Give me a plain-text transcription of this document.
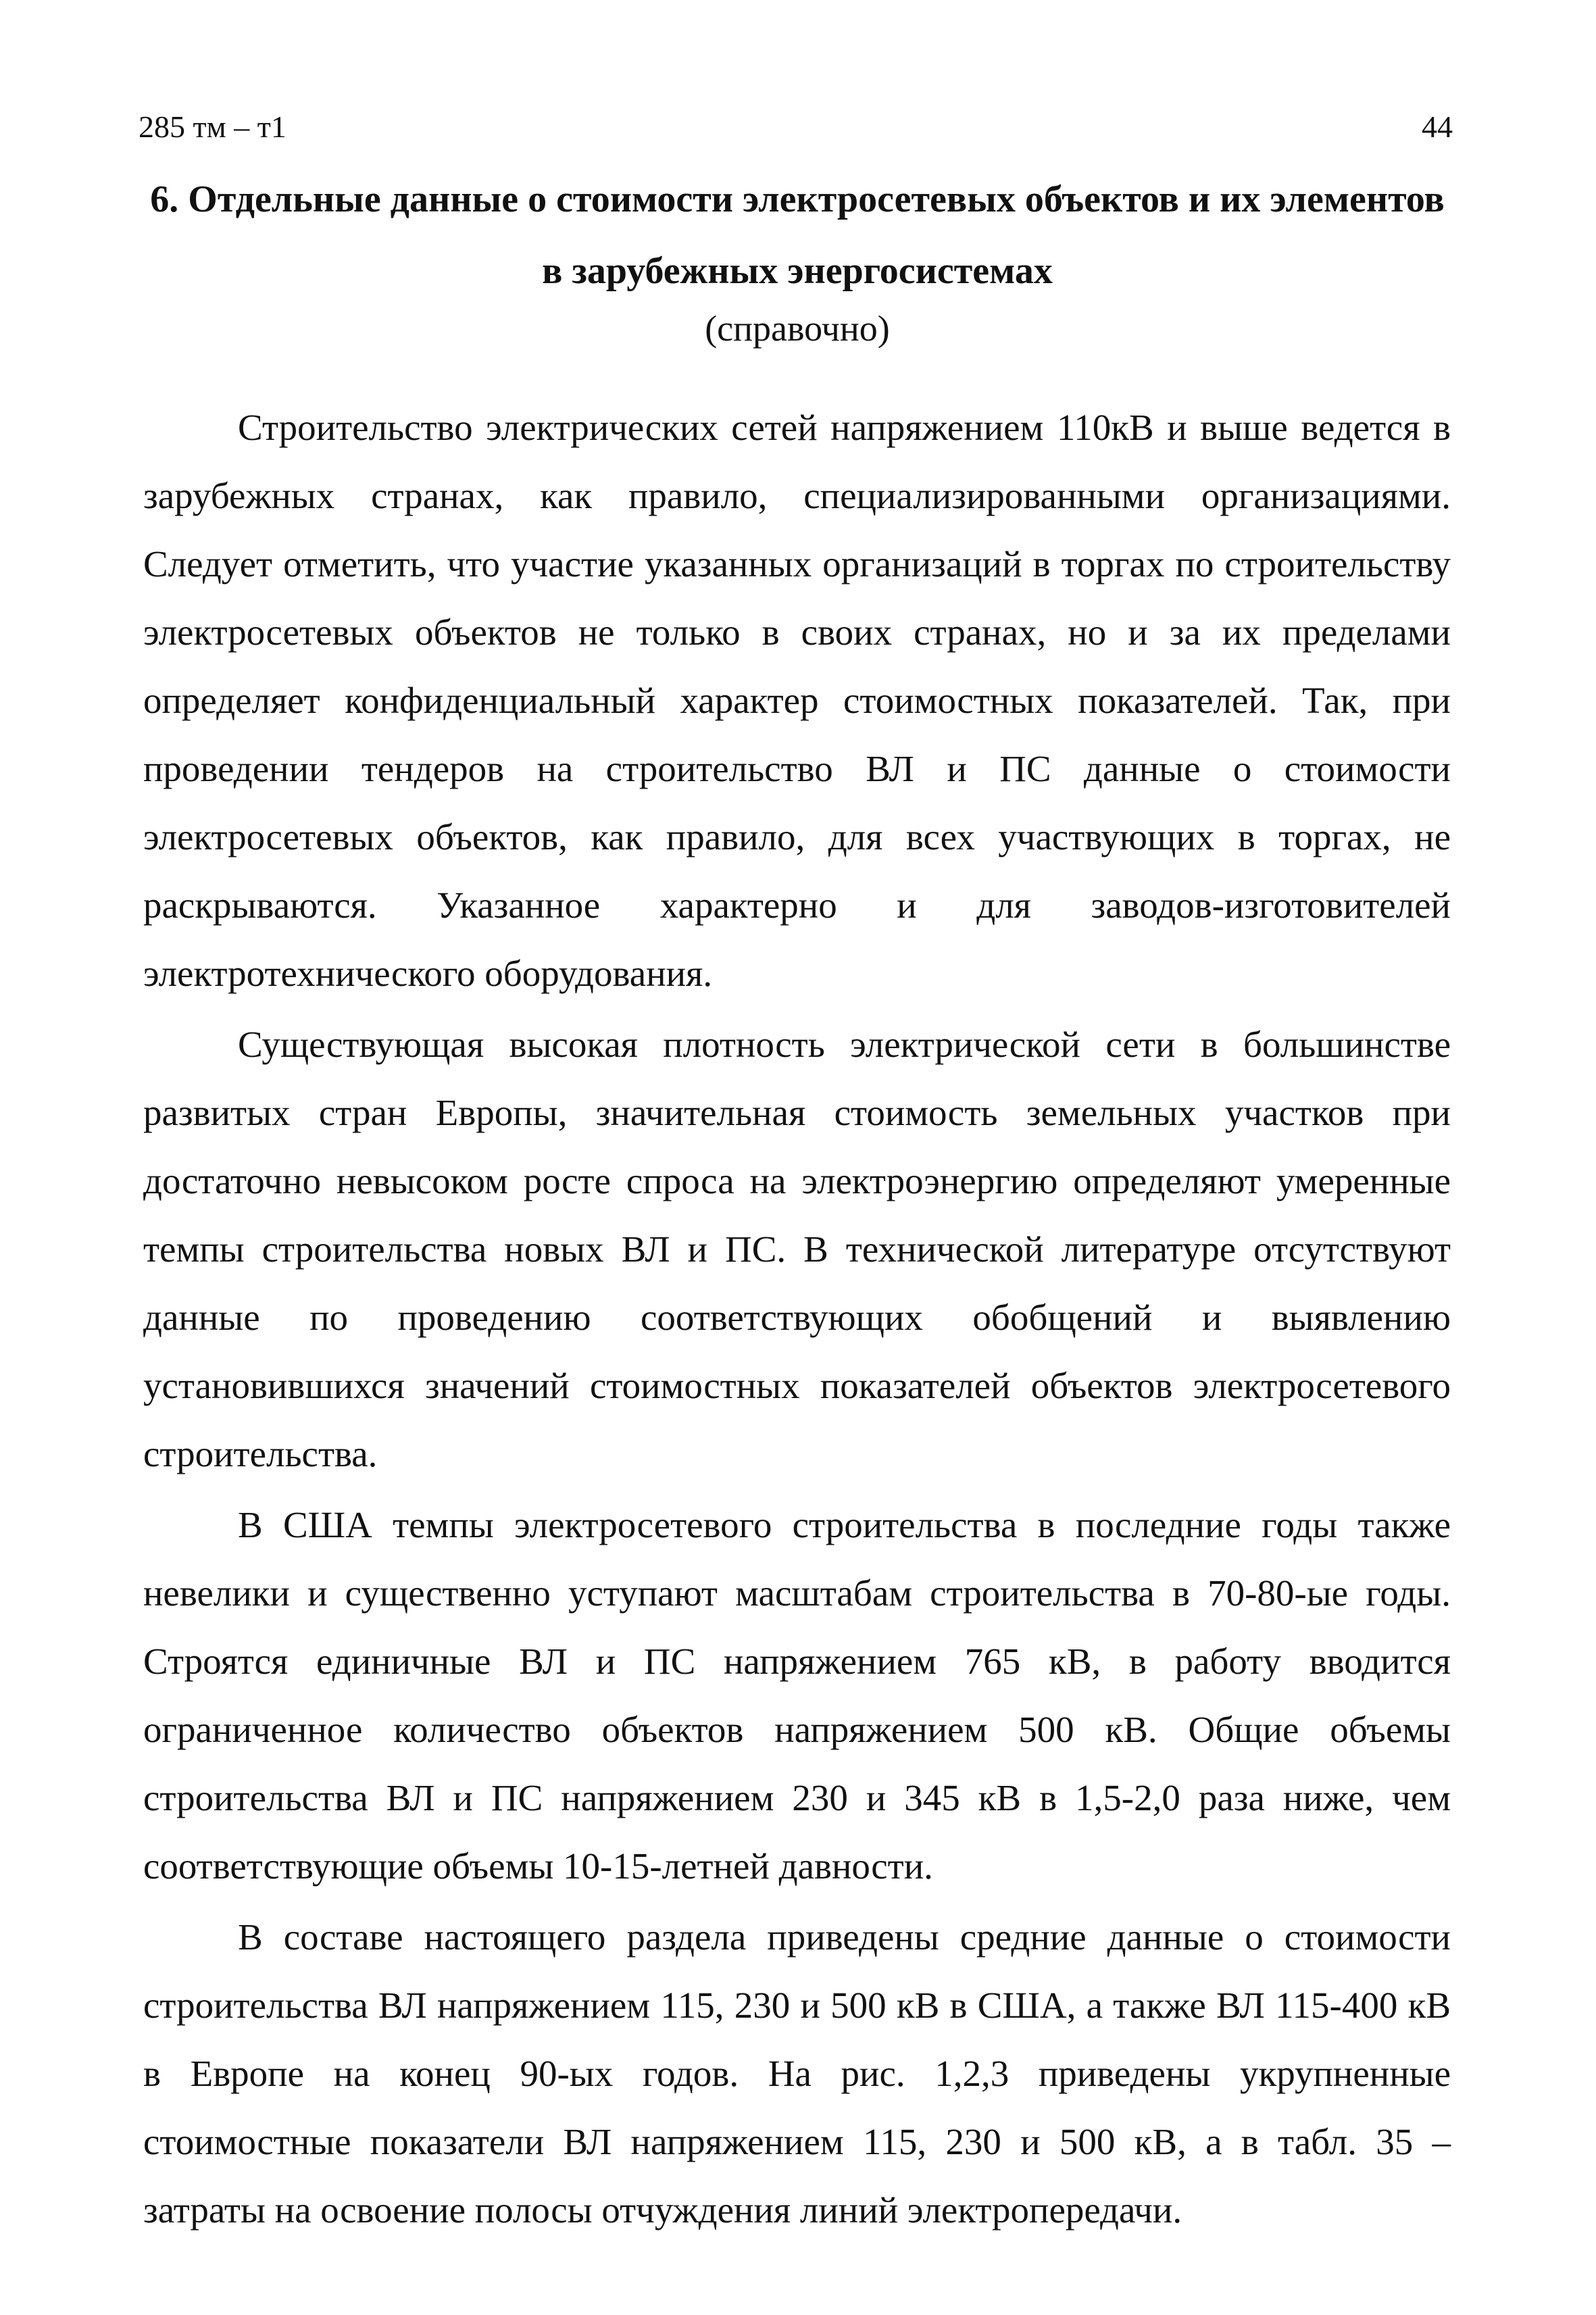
285 тм – т1	44
6. Отдельные данные о стоимости электросетевых объектов и их элементов в зарубежных энергосистемах
(справочно)

Строительство электрических сетей напряжением 110кВ и выше ведется в зарубежных странах, как правило, специализированными организациями. Следует отметить, что участие указанных организаций в торгах по строительству электросетевых объектов не только в своих странах, но и за их пределами определяет конфиденциальный характер стоимостных показателей. Так, при проведении тендеров на строительство ВЛ и ПС данные о стоимости электросетевых объектов, как правило, для всех участвующих в торгах, не раскрываются. Указанное характерно и для заводов-изготовителей электротехнического оборудования.

Существующая высокая плотность электрической сети в большинстве развитых стран Европы, значительная стоимость земельных участков при достаточно невысоком росте спроса на электроэнергию определяют умеренные темпы строительства новых ВЛ и ПС. В технической литературе отсутствуют данные по проведению соответствующих обобщений и выявлению установившихся значений стоимостных показателей объектов электросетевого строительства.

В США темпы электросетевого строительства в последние годы также невелики и существенно уступают масштабам строительства в 70-80-ые годы. Строятся единичные ВЛ и ПС напряжением 765 кВ, в работу вводится ограниченное количество объектов напряжением 500 кВ. Общие объемы строительства ВЛ и ПС напряжением 230 и 345 кВ в 1,5-2,0 раза ниже, чем соответствующие объемы 10-15-летней давности.

В составе настоящего раздела приведены средние данные о стоимости строительства ВЛ напряжением 115, 230 и 500 кВ в США, а также ВЛ 115-400 кВ в Европе на конец 90-ых годов. На рис. 1,2,3 приведены укрупненные стоимостные показатели ВЛ напряжением 115, 230 и 500 кВ, а в табл. 35 – затраты на освоение полосы отчуждения линий электропередачи.
